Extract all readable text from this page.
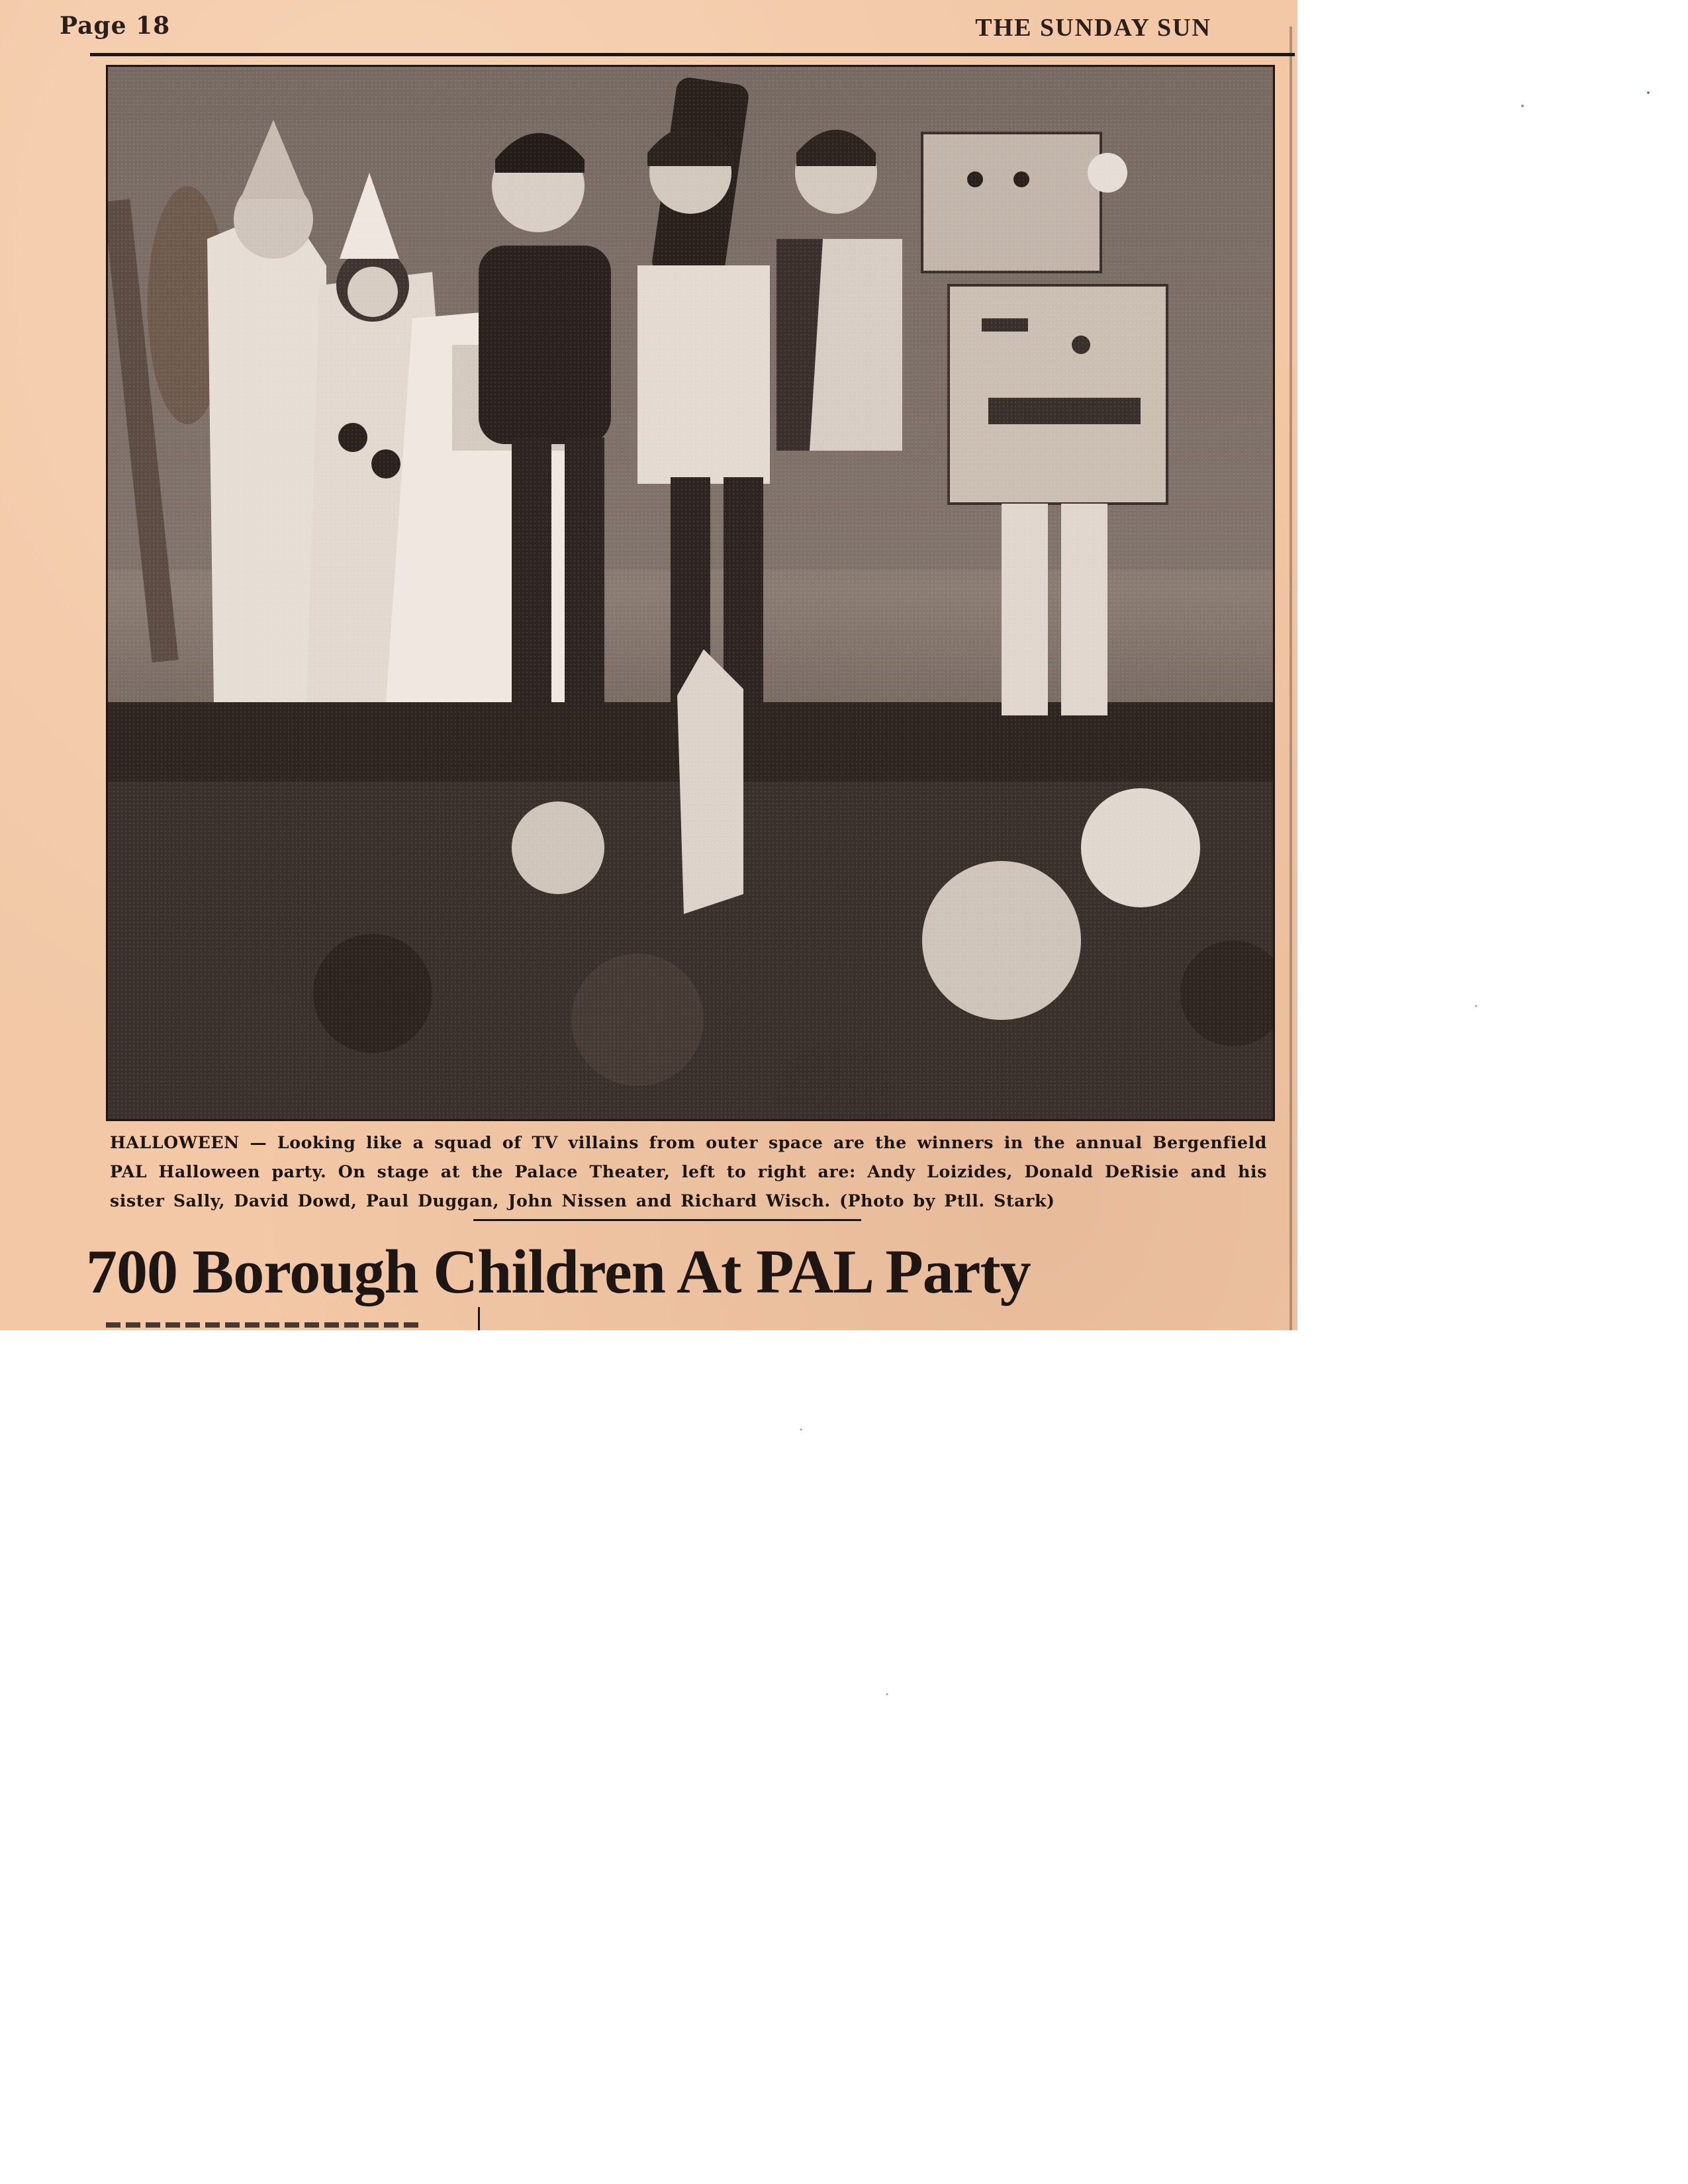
Page 18	THE SUNDAY SUN
HALLOWEEN — Looking like a squad of TV villains from outer space are the winners in the annual Bergenfield PAL Halloween party. On stage at the Palace Theater, left to right are: Andy Loizides, Donald DeRisie and his sister Sally, David Dowd, Paul Duggan, John Nissen and Richard Wisch. (Photo by Ptll. Stark)
700 Borough Children At PAL Party
